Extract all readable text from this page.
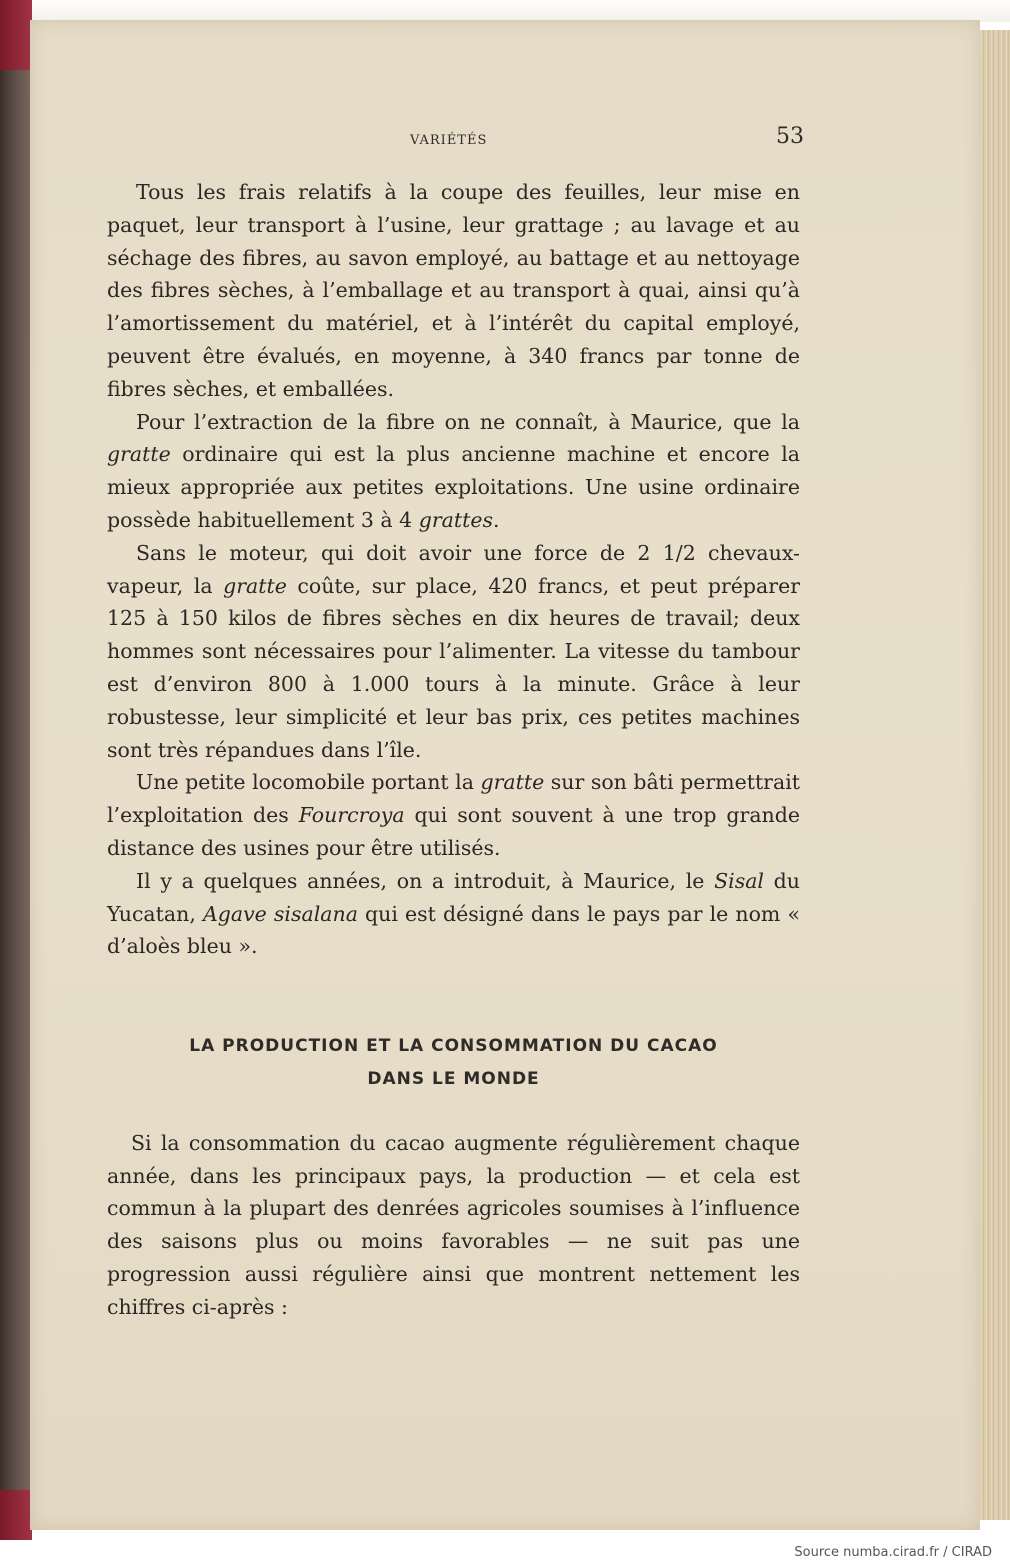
VARIÉTÉS	53

Tous les frais relatifs à la coupe des feuilles, leur mise en paquet, leur transport à l’usine, leur grattage ; au lavage et au séchage des fibres, au savon employé, au battage et au nettoyage des fibres sèches, à l’emballage et au transport à quai, ainsi qu’à l’amortissement du matériel, et à l’intérêt du capital employé, peuvent être évalués, en moyenne, à 340 francs par tonne de fibres sèches, et emballées.

Pour l’extraction de la fibre on ne connaît, à Maurice, que la gratte ordinaire qui est la plus ancienne machine et encore la mieux appropriée aux petites exploitations. Une usine ordinaire possède habituellement 3 à 4 grattes.

Sans le moteur, qui doit avoir une force de 2 1/2 chevaux-vapeur, la gratte coûte, sur place, 420 francs, et peut préparer 125 à 150 kilos de fibres sèches en dix heures de travail; deux hommes sont nécessaires pour l’alimenter. La vitesse du tambour est d’environ 800 à 1.000 tours à la minute. Grâce à leur robustesse, leur simplicité et leur bas prix, ces petites machines sont très répandues dans l’île.

Une petite locomobile portant la gratte sur son bâti permettrait l’exploitation des Fourcroya qui sont souvent à une trop grande distance des usines pour être utilisés.

Il y a quelques années, on a introduit, à Maurice, le Sisal du Yucatan, Agave sisalana qui est désigné dans le pays par le nom « d’aloès bleu ».

LA PRODUCTION ET LA CONSOMMATION DU CACAO
DANS LE MONDE

Si la consommation du cacao augmente régulièrement chaque année, dans les principaux pays, la production — et cela est commun à la plupart des denrées agricoles soumises à l’influence des saisons plus ou moins favorables — ne suit pas une progression aussi régulière ainsi que montrent nettement les chiffres ci-après :

Source numba.cirad.fr / CIRAD
